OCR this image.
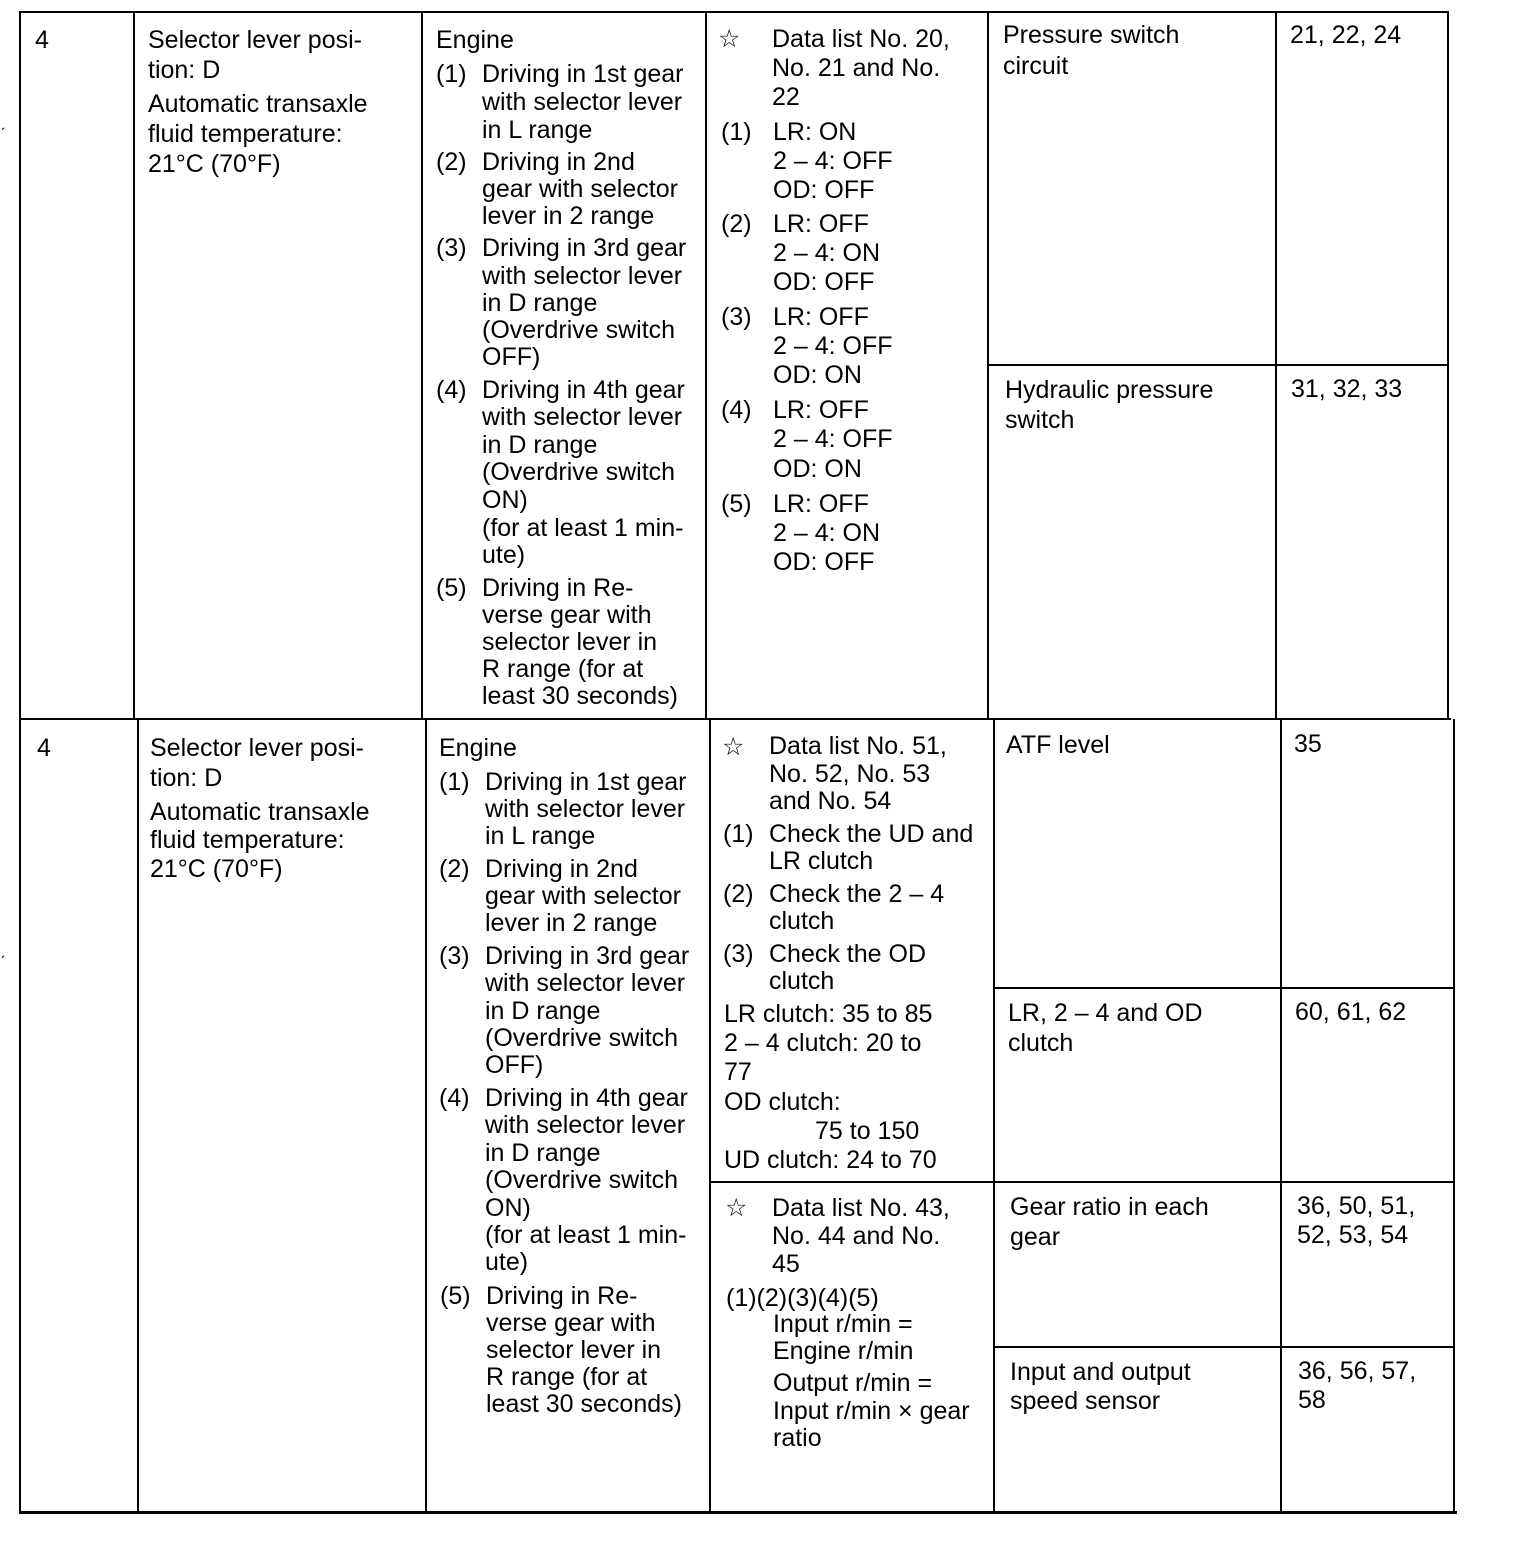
ˏ
ˏ
4	Selector lever posi-
tion: D
Automatic transaxle
fluid temperature:
21°C (70°F)
Engine
(1) Driving in 1st gear
with selector lever
in L range
(2) Driving in 2nd
gear with selector
lever in 2 range
(3) Driving in 3rd gear
with selector lever
in D range
(Overdrive switch
OFF)
(4) Driving in 4th gear
with selector lever
in D range
(Overdrive switch
ON)
(for at least 1 min-
ute)
(5) Driving in Re-
verse gear with
selector lever in
R range (for at
least 30 seconds)
☆ Data list No. 20,
No. 21 and No.
22
(1) LR: ON
2 – 4: OFF
OD: OFF
(2) LR: OFF
2 – 4: ON
OD: OFF
(3) LR: OFF
2 – 4: OFF
OD: ON
(4) LR: OFF
2 – 4: OFF
OD: ON
(5) LR: OFF
2 – 4: ON
OD: OFF
Pressure switch
circuit
Hydraulic pressure
switch
21, 22, 24
31, 32, 33
4	Selector lever posi-
tion: D
Automatic transaxle
fluid temperature:
21°C (70°F)
Engine
(1) Driving in 1st gear
with selector lever
in L range
(2) Driving in 2nd
gear with selector
lever in 2 range
(3) Driving in 3rd gear
with selector lever
in D range
(Overdrive switch
OFF)
(4) Driving in 4th gear
with selector lever
in D range
(Overdrive switch
ON)
(for at least 1 min-
ute)
(5) Driving in Re-
verse gear with
selector lever in
R range (for at
least 30 seconds)
☆ Data list No. 51,
No. 52, No. 53
and No. 54
(1) Check the UD and
LR clutch
(2) Check the 2 – 4
clutch
(3) Check the OD
clutch
LR clutch: 35 to 85
2 – 4 clutch: 20 to
77
OD clutch:
75 to 150
UD clutch: 24 to 70
☆ Data list No. 43,
No. 44 and No.
45
(1)(2)(3)(4)(5)
Input r/min =
Engine r/min
Output r/min =
Input r/min × gear
ratio
ATF level
LR, 2 – 4 and OD
clutch
Gear ratio in each
gear
Input and output
speed sensor
35
60, 61, 62
36, 50, 51,
52, 53, 54
36, 56, 57,
58
